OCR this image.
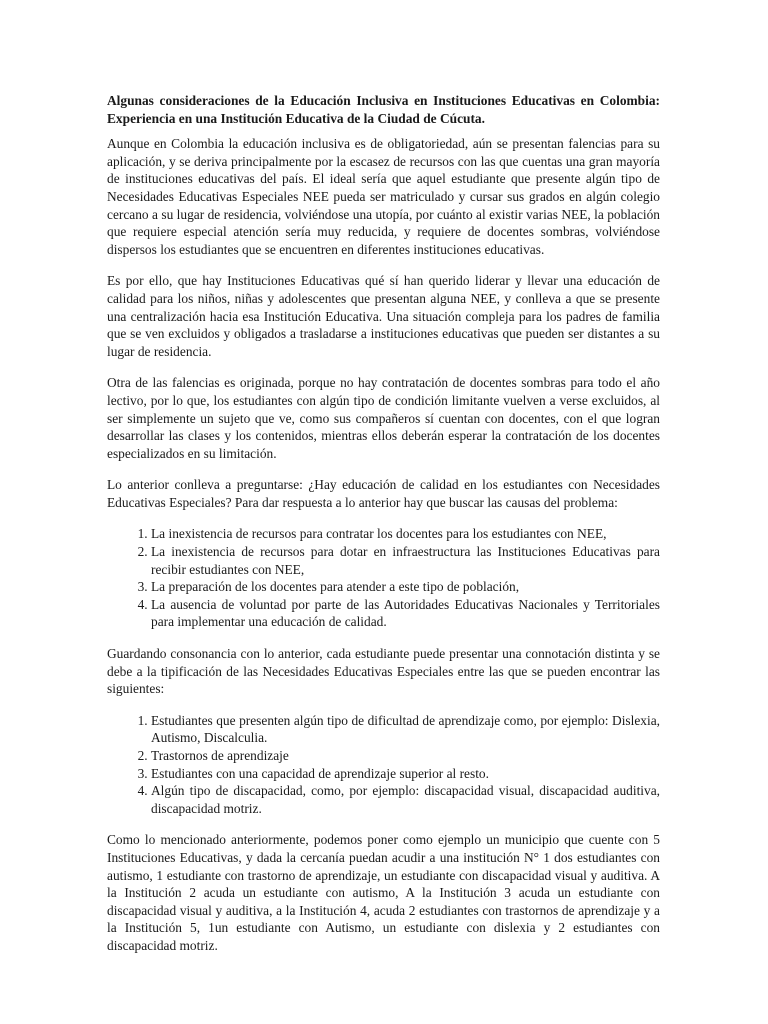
Algunas consideraciones de la Educación Inclusiva en Instituciones Educativas en Colombia: Experiencia en una Institución Educativa de la Ciudad de Cúcuta.

Aunque en Colombia la educación inclusiva es de obligatoriedad, aún se presentan falencias para su aplicación, y se deriva principalmente por la escasez de recursos con las que cuentas una gran mayoría de instituciones educativas del país. El ideal sería que aquel estudiante que presente algún tipo de Necesidades Educativas Especiales NEE pueda ser matriculado y cursar sus grados en algún colegio cercano a su lugar de residencia, volviéndose una utopía, por cuánto al existir varias NEE, la población que requiere especial atención sería muy reducida, y requiere de docentes sombras, volviéndose dispersos los estudiantes que se encuentren en diferentes instituciones educativas.

Es por ello, que hay Instituciones Educativas qué sí han querido liderar y llevar una educación de calidad para los niños, niñas y adolescentes que presentan alguna NEE, y conlleva a que se presente una centralización hacia esa Institución Educativa. Una situación compleja para los padres de familia que se ven excluidos y obligados a trasladarse a instituciones educativas que pueden ser distantes a su lugar de residencia.

Otra de las falencias es originada, porque no hay contratación de docentes sombras para todo el año lectivo, por lo que, los estudiantes con algún tipo de condición limitante vuelven a verse excluidos, al ser simplemente un sujeto que ve, como sus compañeros sí cuentan con docentes, con el que logran desarrollar las clases y los contenidos, mientras ellos deberán esperar la contratación de los docentes especializados en su limitación.

Lo anterior conlleva a preguntarse: ¿Hay educación de calidad en los estudiantes con Necesidades Educativas Especiales? Para dar respuesta a lo anterior hay que buscar las causas del problema:

1. La inexistencia de recursos para contratar los docentes para los estudiantes con NEE,
2. La inexistencia de recursos para dotar en infraestructura las Instituciones Educativas para recibir estudiantes con NEE,
3. La preparación de los docentes para atender a este tipo de población,
4. La ausencia de voluntad por parte de las Autoridades Educativas Nacionales y Territoriales para implementar una educación de calidad.

Guardando consonancia con lo anterior, cada estudiante puede presentar una connotación distinta y se debe a la tipificación de las Necesidades Educativas Especiales entre las que se pueden encontrar las siguientes:

1. Estudiantes que presenten algún tipo de dificultad de aprendizaje como, por ejemplo: Dislexia, Autismo, Discalculia.
2. Trastornos de aprendizaje
3. Estudiantes con una capacidad de aprendizaje superior al resto.
4. Algún tipo de discapacidad, como, por ejemplo: discapacidad visual, discapacidad auditiva, discapacidad motriz.

Como lo mencionado anteriormente, podemos poner como ejemplo un municipio que cuente con 5 Instituciones Educativas, y dada la cercanía puedan acudir a una institución N° 1 dos estudiantes con autismo, 1 estudiante con trastorno de aprendizaje, un estudiante con discapacidad visual y auditiva. A la Institución 2 acuda un estudiante con autismo, A la Institución 3 acuda un estudiante con discapacidad visual y auditiva, a la Institución 4, acuda 2 estudiantes con trastornos de aprendizaje y a la Institución 5, 1un estudiante con Autismo, un estudiante con dislexia y 2 estudiantes con discapacidad motriz.
